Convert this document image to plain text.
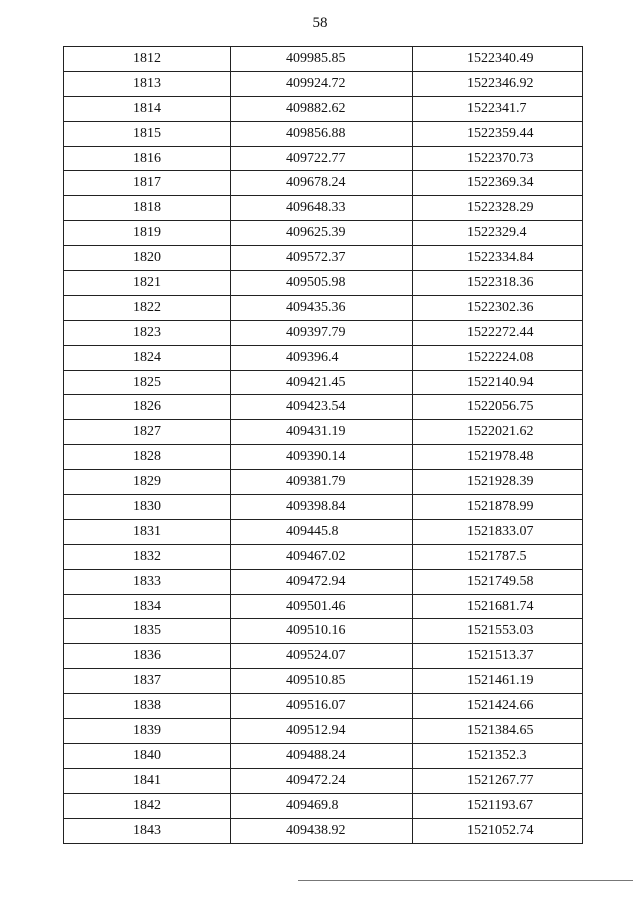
58
1812	409985.85	1522340.49
1813	409924.72	1522346.92
1814	409882.62	1522341.7
1815	409856.88	1522359.44
1816	409722.77	1522370.73
1817	409678.24	1522369.34
1818	409648.33	1522328.29
1819	409625.39	1522329.4
1820	409572.37	1522334.84
1821	409505.98	1522318.36
1822	409435.36	1522302.36
1823	409397.79	1522272.44
1824	409396.4	1522224.08
1825	409421.45	1522140.94
1826	409423.54	1522056.75
1827	409431.19	1522021.62
1828	409390.14	1521978.48
1829	409381.79	1521928.39
1830	409398.84	1521878.99
1831	409445.8	1521833.07
1832	409467.02	1521787.5
1833	409472.94	1521749.58
1834	409501.46	1521681.74
1835	409510.16	1521553.03
1836	409524.07	1521513.37
1837	409510.85	1521461.19
1838	409516.07	1521424.66
1839	409512.94	1521384.65
1840	409488.24	1521352.3
1841	409472.24	1521267.77
1842	409469.8	1521193.67
1843	409438.92	1521052.74
